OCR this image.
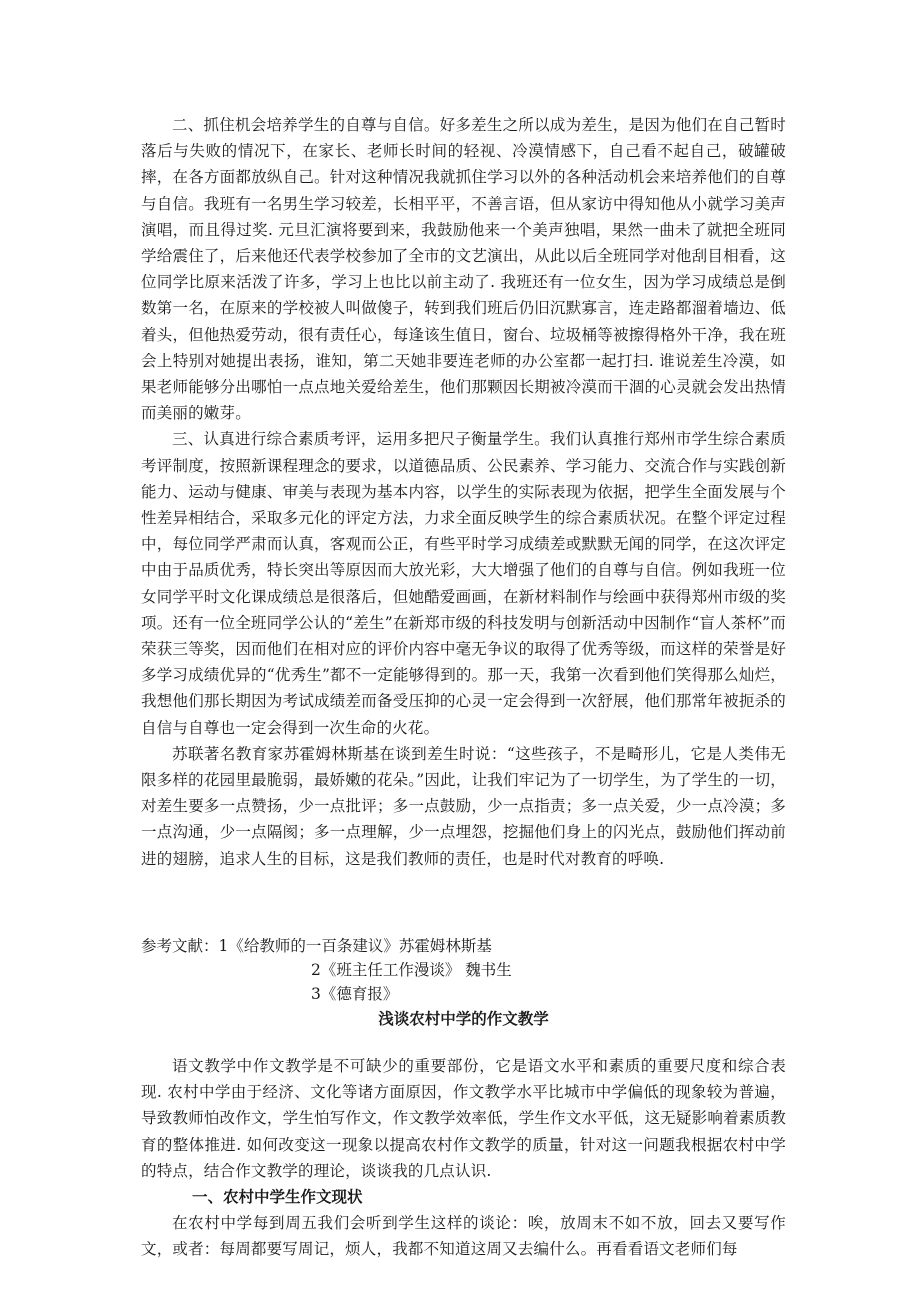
二、抓住机会培养学生的自尊与自信。好多差生之所以成为差生，是因为他们在自己暂时落后与失败的情况下，在家长、老师长时间的轻视、冷漠情感下，自己看不起自己，破罐破摔，在各方面都放纵自己。针对这种情况我就抓住学习以外的各种活动机会来培养他们的自尊与自信。我班有一名男生学习较差，长相平平，不善言语，但从家访中得知他从小就学习美声演唱，而且得过奖. 元旦汇演将要到来，我鼓励他来一个美声独唱，果然一曲未了就把全班同学给震住了，后来他还代表学校参加了全市的文艺演出，从此以后全班同学对他刮目相看，这位同学比原来活泼了许多，学习上也比以前主动了. 我班还有一位女生，因为学习成绩总是倒数第一名，在原来的学校被人叫做傻子，转到我们班后仍旧沉默寡言，连走路都溜着墙边、低着头，但他热爱劳动，很有责任心，每逢该生值日，窗台、垃圾桶等被擦得格外干净，我在班会上特别对她提出表扬，谁知，第二天她非要连老师的办公室都一起打扫. 谁说差生冷漠，如果老师能够分出哪怕一点点地关爱给差生，他们那颗因长期被冷漠而干涸的心灵就会发出热情而美丽的嫩芽。

三、认真进行综合素质考评，运用多把尺子衡量学生。我们认真推行郑州市学生综合素质考评制度，按照新课程理念的要求，以道德品质、公民素养、学习能力、交流合作与实践创新能力、运动与健康、审美与表现为基本内容，以学生的实际表现为依据，把学生全面发展与个性差异相结合，采取多元化的评定方法，力求全面反映学生的综合素质状况。在整个评定过程中，每位同学严肃而认真，客观而公正，有些平时学习成绩差或默默无闻的同学，在这次评定中由于品质优秀，特长突出等原因而大放光彩，大大增强了他们的自尊与自信。例如我班一位女同学平时文化课成绩总是很落后，但她酷爱画画，在新材料制作与绘画中获得郑州市级的奖项。还有一位全班同学公认的“差生”在新郑市级的科技发明与创新活动中因制作“盲人茶杯”而荣获三等奖，因而他们在相对应的评价内容中毫无争议的取得了优秀等级，而这样的荣誉是好多学习成绩优异的“优秀生”都不一定能够得到的。那一天，我第一次看到他们笑得那么灿烂，我想他们那长期因为考试成绩差而备受压抑的心灵一定会得到一次舒展，他们那常年被扼杀的自信与自尊也一定会得到一次生命的火花。

苏联著名教育家苏霍姆林斯基在谈到差生时说：“这些孩子，不是畸形儿，它是人类伟无限多样的花园里最脆弱，最娇嫩的花朵。”因此，让我们牢记为了一切学生，为了学生的一切，对差生要多一点赞扬，少一点批评；多一点鼓励，少一点指责；多一点关爱，少一点冷漠；多一点沟通，少一点隔阂；多一点理解，少一点埋怨，挖掘他们身上的闪光点，鼓励他们挥动前进的翅膀，追求人生的目标，这是我们教师的责任，也是时代对教育的呼唤.

参考文献：1《给教师的一百条建议》苏霍姆林斯基
2《班主任工作漫谈》 魏书生
3《德育报》
浅谈农村中学的作文教学

语文教学中作文教学是不可缺少的重要部份，它是语文水平和素质的重要尺度和综合表现. 农村中学由于经济、文化等诸方面原因，作文教学水平比城市中学偏低的现象较为普遍，导致教师怕改作文，学生怕写作文，作文教学效率低，学生作文水平低，这无疑影响着素质教育的整体推进. 如何改变这一现象以提高农村作文教学的质量，针对这一问题我根据农村中学的特点，结合作文教学的理论，谈谈我的几点认识.

一、农村中学生作文现状

在农村中学每到周五我们会听到学生这样的谈论：唉，放周末不如不放，回去又要写作文，或者：每周都要写周记，烦人，我都不知道这周又去编什么。再看看语文老师们每
